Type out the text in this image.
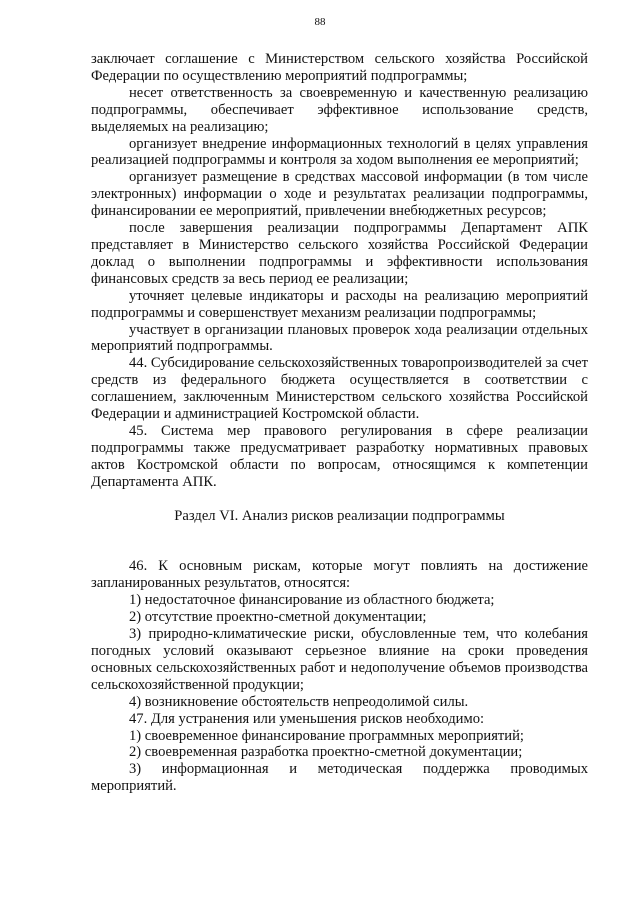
88

заключает соглашение с Министерством сельского хозяйства Российской Федерации по осуществлению мероприятий подпрограммы;

несет ответственность за своевременную и качественную реализацию подпрограммы, обеспечивает эффективное использование средств, выделяемых на реализацию;

организует внедрение информационных технологий в целях управления реализацией подпрограммы и контроля за ходом выполнения ее мероприятий;

организует размещение в средствах массовой информации (в том числе электронных) информации о ходе и результатах реализации подпрограммы, финансировании ее мероприятий, привлечении внебюджетных ресурсов;

после завершения реализации подпрограммы Департамент АПК представляет в Министерство сельского хозяйства Российской Федерации доклад о выполнении подпрограммы и эффективности использования финансовых средств за весь период ее реализации;

уточняет целевые индикаторы и расходы на реализацию мероприятий подпрограммы и совершенствует механизм реализации подпрограммы;

участвует в организации плановых проверок хода реализации отдельных мероприятий подпрограммы.

44. Субсидирование сельскохозяйственных товаропроизводителей за счет средств из федерального бюджета осуществляется в соответствии с соглашением, заключенным Министерством сельского хозяйства Российской Федерации и администрацией Костромской области.

45. Система мер правового регулирования в сфере реализации подпрограммы также предусматривает разработку нормативных правовых актов Костромской области по вопросам, относящимся к компетенции Департамента АПК.

Раздел VI. Анализ рисков реализации подпрограммы

46. К основным рискам, которые могут повлиять на достижение запланированных результатов, относятся:

1) недостаточное финансирование из областного бюджета;

2) отсутствие проектно-сметной документации;

3) природно-климатические риски, обусловленные тем, что колебания погодных условий оказывают серьезное влияние на сроки проведения основных сельскохозяйственных работ и недополучение объемов производства сельскохозяйственной продукции;

4) возникновение обстоятельств непреодолимой силы.

47. Для устранения или уменьшения рисков необходимо:

1) своевременное финансирование программных мероприятий;

2) своевременная разработка проектно-сметной документации;

3) информационная и методическая поддержка проводимых мероприятий.
